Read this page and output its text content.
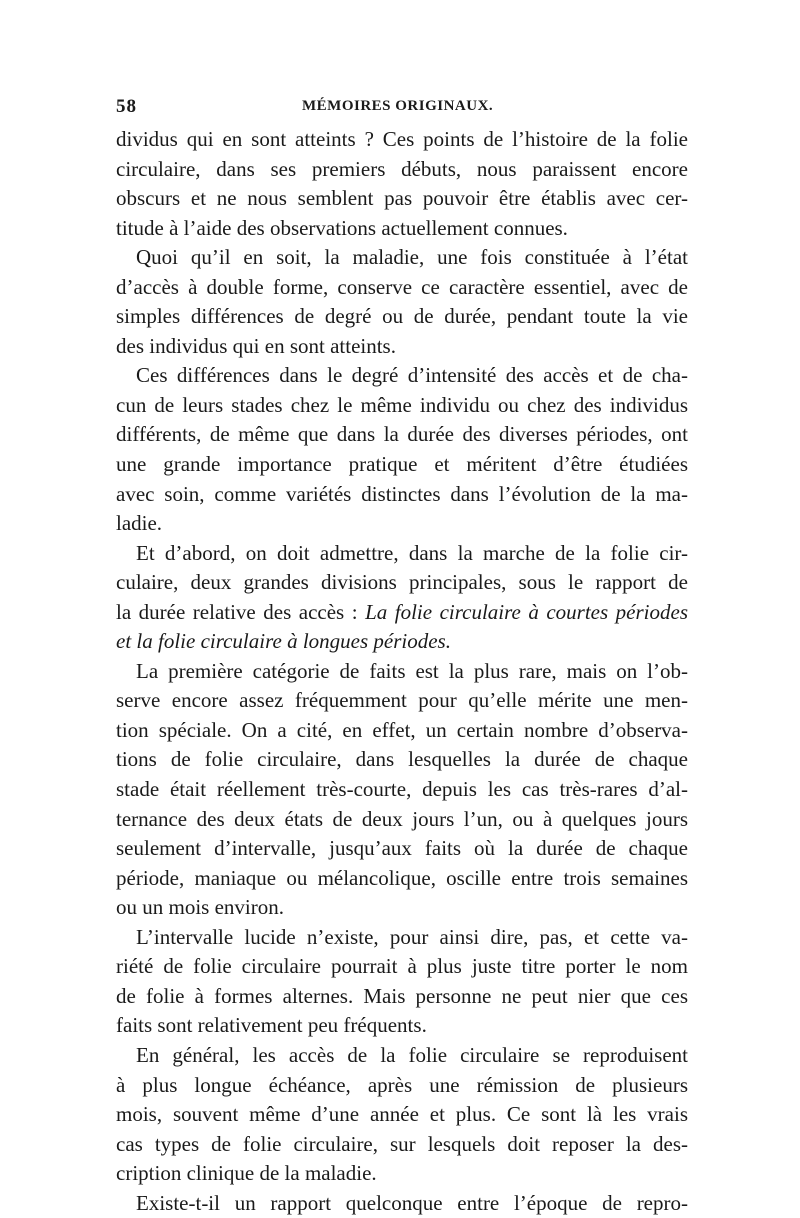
58	MÉMOIRES ORIGINAUX.
dividus qui en sont atteints ? Ces points de l’histoire de la folie
circulaire, dans ses premiers débuts, nous paraissent encore
obscurs et ne nous semblent pas pouvoir être établis avec cer-
titude à l’aide des observations actuellement connues.
Quoi qu’il en soit, la maladie, une fois constituée à l’état
d’accès à double forme, conserve ce caractère essentiel, avec de
simples différences de degré ou de durée, pendant toute la vie
des individus qui en sont atteints.
Ces différences dans le degré d’intensité des accès et de cha-
cun de leurs stades chez le même individu ou chez des individus
différents, de même que dans la durée des diverses périodes, ont
une grande importance pratique et méritent d’être étudiées
avec soin, comme variétés distinctes dans l’évolution de la ma-
ladie.
Et d’abord, on doit admettre, dans la marche de la folie cir-
culaire, deux grandes divisions principales, sous le rapport de
la durée relative des accès : La folie circulaire à courtes périodes
et la folie circulaire à longues périodes.
La première catégorie de faits est la plus rare, mais on l’ob-
serve encore assez fréquemment pour qu’elle mérite une men-
tion spéciale. On a cité, en effet, un certain nombre d’observa-
tions de folie circulaire, dans lesquelles la durée de chaque
stade était réellement très-courte, depuis les cas très-rares d’al-
ternance des deux états de deux jours l’un, ou à quelques jours
seulement d’intervalle, jusqu’aux faits où la durée de chaque
période, maniaque ou mélancolique, oscille entre trois semaines
ou un mois environ.
L’intervalle lucide n’existe, pour ainsi dire, pas, et cette va-
riété de folie circulaire pourrait à plus juste titre porter le nom
de folie à formes alternes. Mais personne ne peut nier que ces
faits sont relativement peu fréquents.
En général, les accès de la folie circulaire se reproduisent
à plus longue échéance, après une rémission de plusieurs
mois, souvent même d’une année et plus. Ce sont là les vrais
cas types de folie circulaire, sur lesquels doit reposer la des-
cription clinique de la maladie.
Existe-t-il un rapport quelconque entre l’époque de repro-
